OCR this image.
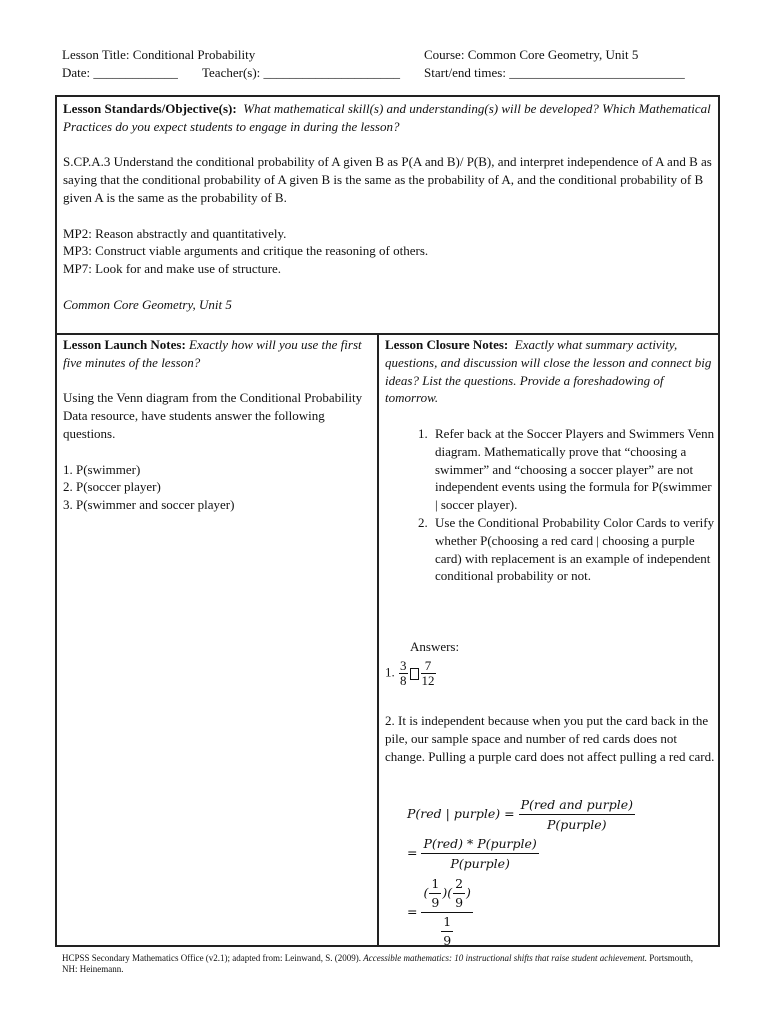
Lesson Title: Conditional Probability	Course: Common Core Geometry, Unit 5
Date: _____________ Teacher(s): _____________________ Start/end times: ___________________________

Lesson Standards/Objective(s): What mathematical skill(s) and understanding(s) will be developed? Which Mathematical Practices do you expect students to engage in during the lesson?

S.CP.A.3 Understand the conditional probability of A given B as P(A and B)/ P(B), and interpret independence of A and B as saying that the conditional probability of A given B is the same as the probability of A, and the conditional probability of B given A is the same as the probability of B.

MP2: Reason abstractly and quantitatively.

MP3: Construct viable arguments and critique the reasoning of others.

MP7: Look for and make use of structure.

Common Core Geometry, Unit 5

Lesson Launch Notes: Exactly how will you use the first five minutes of the lesson?

Using the Venn diagram from the Conditional Probability Data resource, have students answer the following questions.

1. P(swimmer)

2. P(soccer player)

3. P(swimmer and soccer player)

Lesson Closure Notes: Exactly what summary activity, questions, and discussion will close the lesson and connect big ideas? List the questions. Provide a foreshadowing of tomorrow.

1. Refer back at the Soccer Players and Swimmers Venn diagram. Mathematically prove that “choosing a swimmer” and “choosing a soccer player” are not independent events using the formula for P(swimmer | soccer player).
2. Use the Conditional Probability Color Cards to verify whether P(choosing a red card | choosing a purple card) with replacement is an example of independent conditional probability or not.
Answers:
1. $\frac{3}{8} \frac{7}{12}$
2. It is independent because when you put the card back in the pile, our sample space and number of red cards does not change. Pulling a purple card does not affect pulling a red card.
P(red | purple) = $\frac{\text{P(red and purple)}}{\text{P(purple)}}$
= $\frac{\text{P(red) * P(purple)}}{\text{P(purple)}}$
= $\frac{( \frac{1}{9} )( \frac{2}{9} )}{\frac{1}{9}}$
HCPSS Secondary Mathematics Office (v2.1); adapted from: Leinwand, S. (2009). Accessible mathematics: 10 instructional shifts that raise student achievement. Portsmouth, NH: Heinemann.
